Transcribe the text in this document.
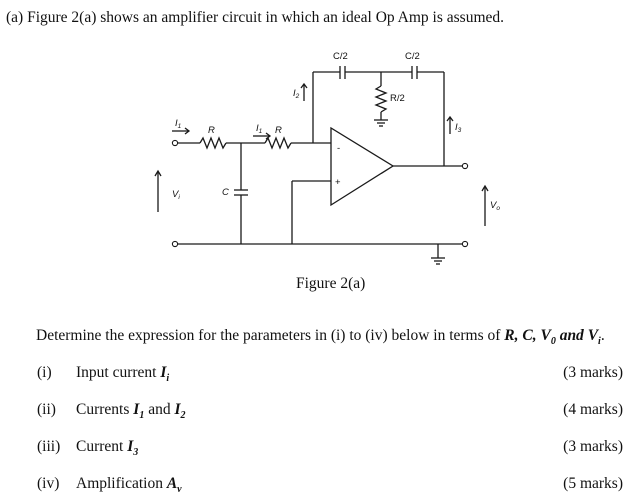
(a) Figure 2(a) shows an amplifier circuit in which an ideal Op Amp is assumed.
-
+
C/2	C/2
R/2
R	R
C
$V_i$
$V_o$
$I_1$	$I_1$
$I_2$
$I_3$
Figure 2(a)
Determine the expression for the parameters in (i) to (iv) below in terms of R, C, $V_0$ and $V_i$.
(i) Input current $I_i$	(3 marks)
(ii) Currents $I_1$ and $I_2$	(4 marks)
(iii) Current $I_3$	(3 marks)
(iv) Amplification $A_v$	(5 marks)
